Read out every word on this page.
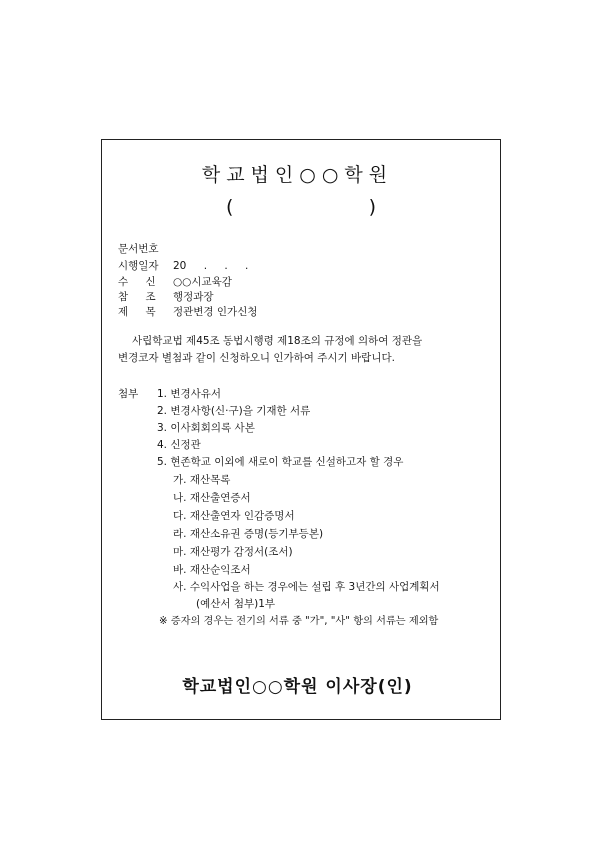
학교법인○○학원
(	)
문서번호
시행일자 20 . . .
수 신 ○○시교육감
참 조 행정과장
제 목 정관변경 인가신청
사립학교법 제45조 동법시행령 제18조의 규정에 의하여 정관을
변경코자 별첨과 같이 신청하오니 인가하여 주시기 바랍니다.
첨부 1. 변경사유서
2. 변경사항(신·구)을 기재한 서류
3. 이사회회의록 사본
4. 신정관
5. 현존학교 이외에 새로이 학교를 신설하고자 할 경우
가. 재산목록
나. 재산출연증서
다. 재산출연자 인감증명서
라. 재산소유권 증명(등기부등본)
마. 재산평가 감정서(조서)
바. 재산순익조서
사. 수익사업을 하는 경우에는 설립 후 3년간의 사업계획서
(예산서 첨부)1부
※ 증자의 경우는 전기의 서류 중 "가", "사" 항의 서류는 제외함
학교법인○○학원 이사장(인)
